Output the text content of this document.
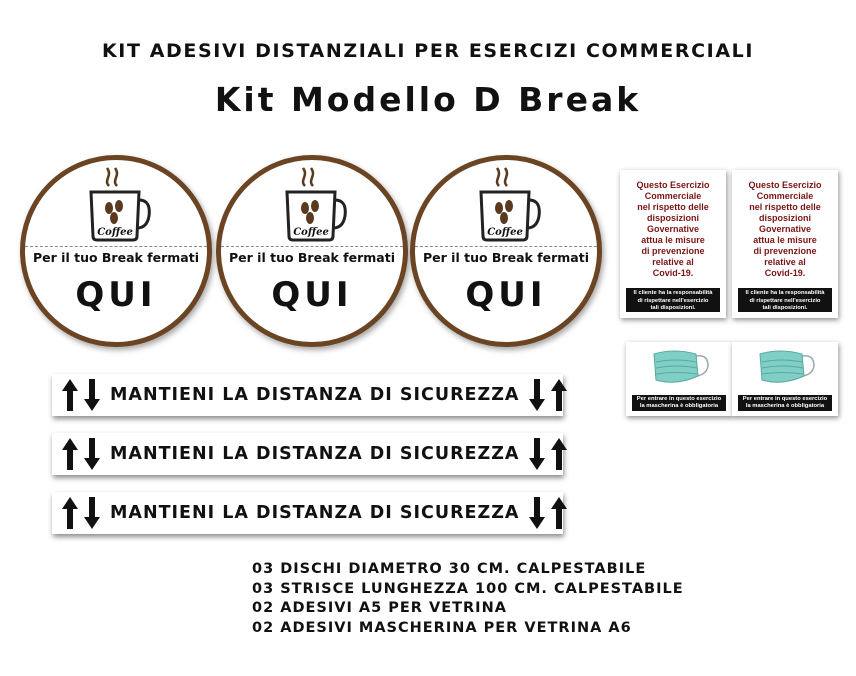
KIT ADESIVI DISTANZIALI PER ESERCIZI COMMERCIALI
Kit Modello D Break
Per il tuo Break fermati
QUI
Per il tuo Break fermati
QUI
Per il tuo Break fermati
QUI
MANTIENI LA DISTANZA DI SICUREZZA
MANTIENI LA DISTANZA DI SICUREZZA
MANTIENI LA DISTANZA DI SICUREZZA
Questo Esercizio
Commerciale
nel rispetto delle
disposizioni
Governative
attua le misure
di prevenzione
relative al
Covid-19.
Il cliente ha la responsabilità
di rispettare nell'esercizio
tali disposizioni.
Questo Esercizio
Commerciale
nel rispetto delle
disposizioni
Governative
attua le misure
di prevenzione
relative al
Covid-19.
Il cliente ha la responsabilità
di rispettare nell'esercizio
tali disposizioni.
Per entrare in questo esercizio
la mascherina è obbligatoria
Per entrare in questo esercizio
la mascherina è obbligatoria
03 DISCHI DIAMETRO 30 CM. CALPESTABILE
03 STRISCE LUNGHEZZA 100 CM. CALPESTABILE
02 ADESIVI A5 PER VETRINA
02 ADESIVI MASCHERINA PER VETRINA A6
